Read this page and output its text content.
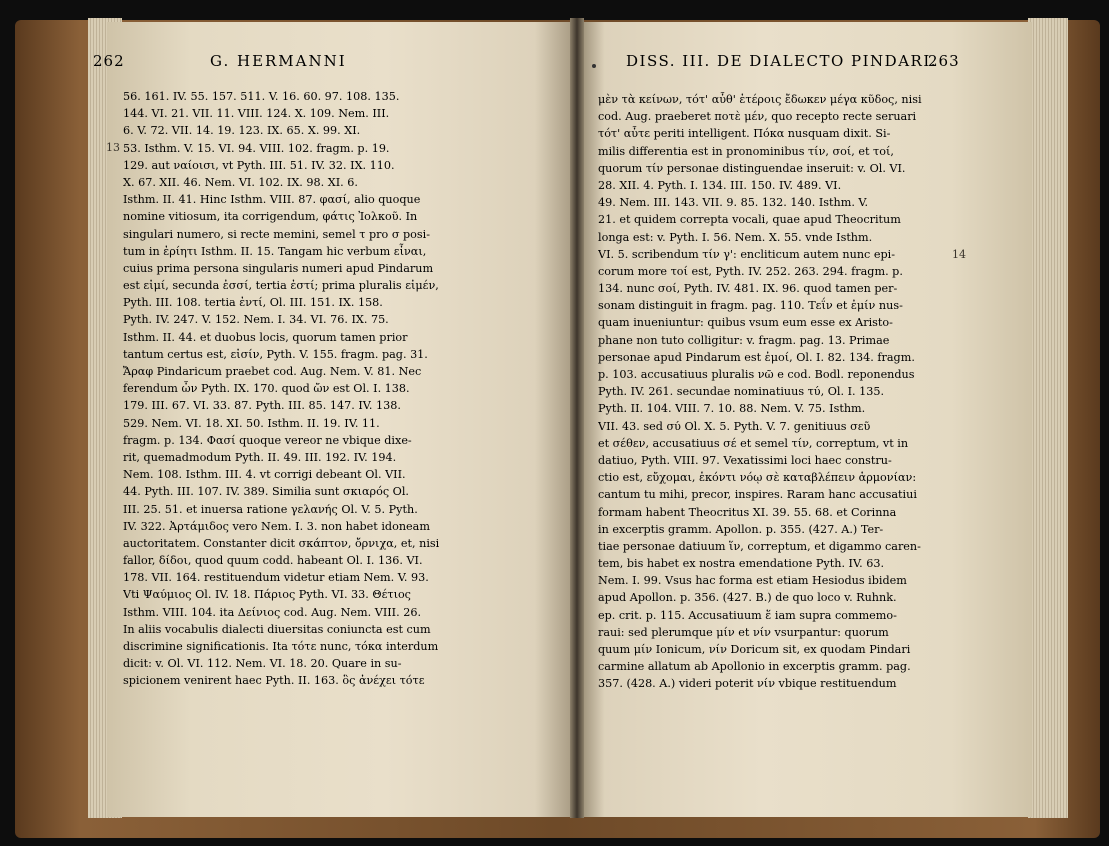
262	G. HERMANNI	DISS. III. DE DIALECTO PINDARI.
263
13
14
56. 161. IV. 55. 157. 511. V. 16. 60. 97. 108. 135.
144. VI. 21. VII. 11. VIII. 124. X. 109. Nem. III.
6. V. 72. VII. 14. 19. 123. IX. 65. X. 99. XI.
53. Isthm. V. 15. VI. 94. VIII. 102. fragm. p. 19.
129. aut ναίοισι, vt Pyth. III. 51. IV. 32. IX. 110.
X. 67. XII. 46. Nem. VI. 102. IX. 98. XI. 6.
Isthm. II. 41. Hinc Isthm. VIII. 87. φασί, alio quoque
nomine vitiosum, ita corrigendum, φάτις Ἰολκοῦ. In
singulari numero, si recte memini, semel τ pro σ posi-
tum in ἐρίητι Isthm. II. 15. Tangam hic verbum εἶναι,
cuius prima persona singularis numeri apud Pindarum
est εἰμί, secunda ἐσσί, tertia ἐστί; prima pluralis εἰμέν,
Pyth. III. 108. tertia ἐντί, Ol. III. 151. IX. 158.
Pyth. IV. 247. V. 152. Nem. I. 34. VI. 76. IX. 75.
Isthm. II. 44. et duobus locis, quorum tamen prior
tantum certus est, εἰσίν, Pyth. V. 155. fragm. pag. 31.
Ἄραφ Pindaricum praebet cod. Aug. Nem. V. 81. Nec
ferendum ὦν Pyth. IX. 170. quod ὤν est Ol. I. 138.
179. III. 67. VI. 33. 87. Pyth. III. 85. 147. IV. 138.
529. Nem. VI. 18. XI. 50. Isthm. II. 19. IV. 11.
fragm. p. 134. Φασί quoque vereor ne vbique dixe-
rit, quemadmodum Pyth. II. 49. III. 192. IV. 194.
Nem. 108. Isthm. III. 4. vt corrigi debeant Ol. VII.
44. Pyth. III. 107. IV. 389. Similia sunt σκιαρός Ol.
III. 25. 51. et inuersa ratione γελανής Ol. V. 5. Pyth.
IV. 322. Ἀρτάμιδος vero Nem. I. 3. non habet idoneam
auctoritatem. Constanter dicit σκάπτον, ὄρνιχα, et, nisi
fallor, δίδοι, quod quum codd. habeant Ol. I. 136. VI.
178. VII. 164. restituendum videtur etiam Nem. V. 93.
Vti Ψαύμιος Ol. IV. 18. Πάριος Pyth. VI. 33. Θέτιος
Isthm. VIII. 104. ita Δείνιος cod. Aug. Nem. VIII. 26.
In aliis vocabulis dialecti diuersitas coniuncta est cum
discrimine significationis. Ita τότε nunc, τόκα interdum
dicit: v. Ol. VI. 112. Nem. VI. 18. 20. Quare in su-
spicionem venirent haec Pyth. II. 163. ὃς ἀνέχει τότε
μὲν τὰ κείνων, τότ' αὖθ' ἑτέροις ἔδωκεν μέγα κῦδος, nisi
cod. Aug. praeberet ποτὲ μέν, quo recepto recte seruari
τότ' αὖτε periti intelligent. Πόκα nusquam dixit. Si-
milis differentia est in pronominibus τίν, σοί, et τοί,
quorum τίν personae distinguendae inseruit: v. Ol. VI.
28. XII. 4. Pyth. I. 134. III. 150. IV. 489. VI.
49. Nem. III. 143. VII. 9. 85. 132. 140. Isthm. V.
21. et quidem correpta vocali, quae apud Theocritum
longa est: v. Pyth. I. 56. Nem. X. 55. vnde Isthm.
VI. 5. scribendum τίν γ': encliticum autem nunc epi-
corum more τοί est, Pyth. IV. 252. 263. 294. fragm. p.
134. nunc σοί, Pyth. IV. 481. IX. 96. quod tamen per-
sonam distinguit in fragm. pag. 110. Τεΐν et ἐμίν nus-
quam inueniuntur: quibus vsum eum esse ex Aristo-
phane non tuto colligitur: v. fragm. pag. 13. Primae
personae apud Pindarum est ἐμοί, Ol. I. 82. 134. fragm.
p. 103. accusatiuus pluralis νῶ e cod. Bodl. reponendus
Pyth. IV. 261. secundae nominatiuus τύ, Ol. I. 135.
Pyth. II. 104. VIII. 7. 10. 88. Nem. V. 75. Isthm.
VII. 43. sed σύ Ol. X. 5. Pyth. V. 7. genitiuus σεῦ
et σέθεν, accusatiuus σέ et semel τίν, correptum, vt in
datiuo, Pyth. VIII. 97. Vexatissimi loci haec constru-
ctio est, εὔχομαι, ἑκόντι νόῳ σὲ καταβλέπειν ἁρμονίαν:
cantum tu mihi, precor, inspires. Raram hanc accusatiui
formam habent Theocritus XI. 39. 55. 68. et Corinna
in excerptis gramm. Apollon. p. 355. (427. A.) Ter-
tiae personae datiuum ἵν, correptum, et digammo caren-
tem, bis habet ex nostra emendatione Pyth. IV. 63.
Nem. I. 99. Vsus hac forma est etiam Hesiodus ibidem
apud Apollon. p. 356. (427. B.) de quo loco v. Ruhnk.
ep. crit. p. 115. Accusatiuum ἕ iam supra commemo-
raui: sed plerumque μίν et νίν vsurpantur: quorum
quum μίν Ionicum, νίν Doricum sit, ex quodam Pindari
carmine allatum ab Apollonio in excerptis gramm. pag.
357. (428. A.) videri poterit νίν vbique restituendum
